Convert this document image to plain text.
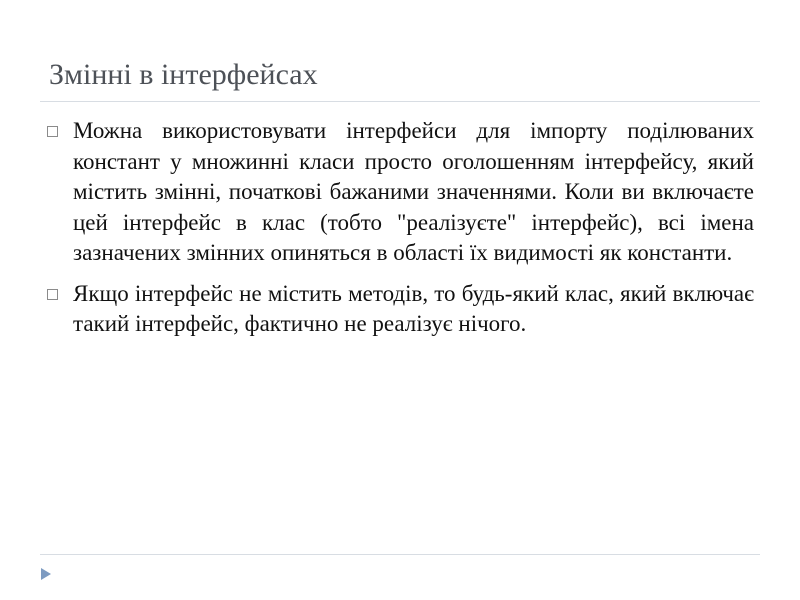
Змінні в інтерфейсах
Можна використовувати інтерфейси для імпорту поділюваних констант у множинні класи просто оголошенням інтерфейсу, який містить змінні, початкові бажаними значеннями. Коли ви включаєте цей інтерфейс в клас (тобто "реалізуєте" інтерфейс), всі імена зазначених змінних опиняться в області їх видимості як константи.
Якщо інтерфейс не містить методів, то будь-який клас, який включає такий інтерфейс, фактично не реалізує нічого.
